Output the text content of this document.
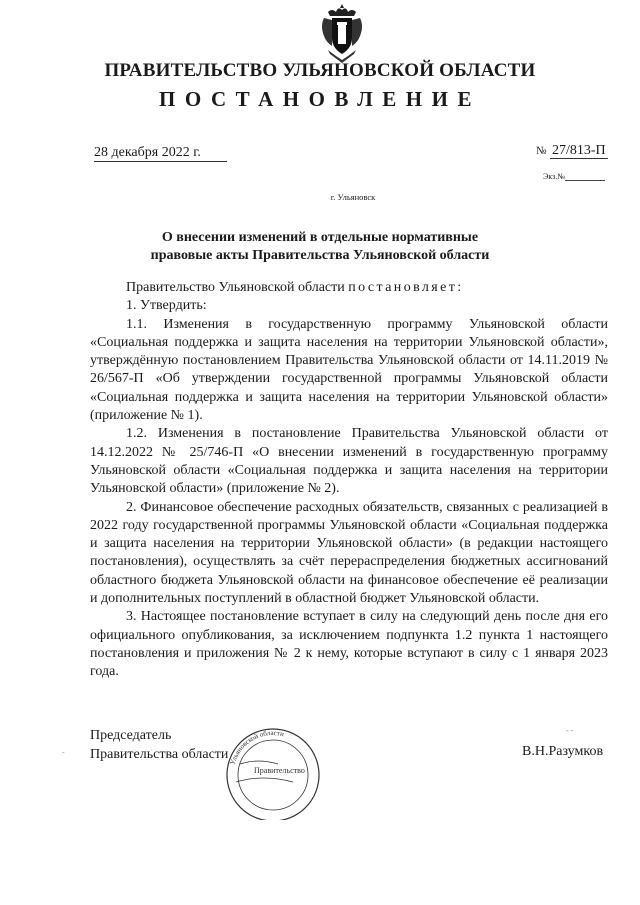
ПРАВИТЕЛЬСТВО УЛЬЯНОВСКОЙ ОБЛАСТИ
ПОСТАНОВЛЕНИЕ
28 декабря 2022 г.	№ 27/813-П
Экз.№
г. Ульяновск
О внесении изменений в отдельные нормативные
правовые акты Правительства Ульяновской области

Правительство Ульяновской области постановляет:

1. Утвердить:

1.1. Изменения в государственную программу Ульяновской области «Социальная поддержка и защита населения на территории Ульяновской области», утверждённую постановлением Правительства Ульяновской области от 14.11.2019 № 26/567-П «Об утверждении государственной программы Ульяновской области «Социальная поддержка и защита населения на территории Ульяновской области» (приложение № 1).

1.2. Изменения в постановление Правительства Ульяновской области от 14.12.2022 № 25/746-П «О внесении изменений в государственную программу Ульяновской области «Социальная поддержка и защита населения на территории Ульяновской области» (приложение № 2).

2. Финансовое обеспечение расходных обязательств, связанных с реализацией в 2022 году государственной программы Ульяновской области «Социальная поддержка и защита населения на территории Ульяновской области» (в редакции настоящего постановления), осуществлять за счёт перераспределения бюджетных ассигнований областного бюджета Ульяновской области на финансовое обеспечение её реализации и дополнительных поступлений в областной бюджет Ульяновской области.

3. Настоящее постановление вступает в силу на следующий день после дня его официального опубликования, за исключением подпункта 1.2 пункта 1 настоящего постановления и приложения № 2 к нему, которые вступают в силу с 1 января 2023 года.

Председатель
Правительства области	В.Н.Разумков
Ульяновской области
Правительство
-
- -
